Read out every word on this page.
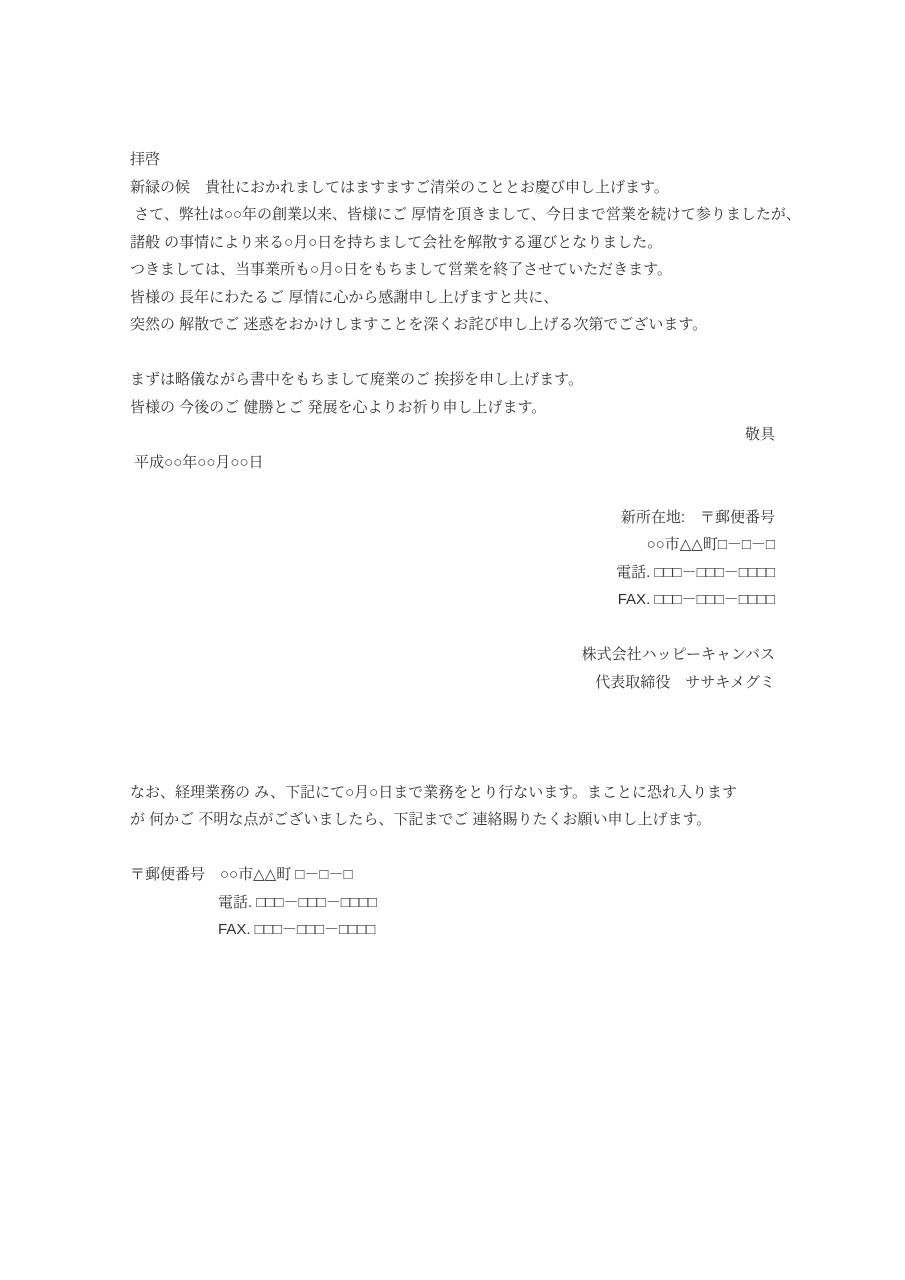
拝啓
新緑の候　貴社におかれましてはますますご清栄のこととお慶び申し上げます。
さて、弊社は○○年の創業以来、皆様にご 厚情を頂きまして、今日まで営業を続けて参りましたが、
諸般 の事情により来る○月○日を持ちまして会社を解散する運びとなりました。
つきましては、当事業所も○月○日をもちまして営業を終了させていただきます。
皆様の 長年にわたるご 厚情に心から感謝申し上げますと共に、
突然の 解散でご 迷惑をおかけしますことを深くお詫び申し上げる次第でございます。
まずは略儀ながら書中をもちまして廃業のご 挨拶を申し上げます。
皆様の 今後のご 健勝とご 発展を心よりお祈り申し上げます。
敬具
平成○○年○○月○○日
新所在地:　〒郵便番号
○○市△△町□－□－□
電話. □□□－□□□－□□□□
FAX. □□□－□□□－□□□□
株式会社ハッピーキャンバス
代表取締役　ササキメグミ
なお、経理業務の み、下記にて○月○日まで業務をとり行ないます。まことに恐れ入ります
が 何かご 不明な点がございましたら、下記までご 連絡賜りたくお願い申し上げます。
〒郵便番号　○○市△△町 □－□－□
電話. □□□－□□□－□□□□
FAX. □□□－□□□－□□□□
